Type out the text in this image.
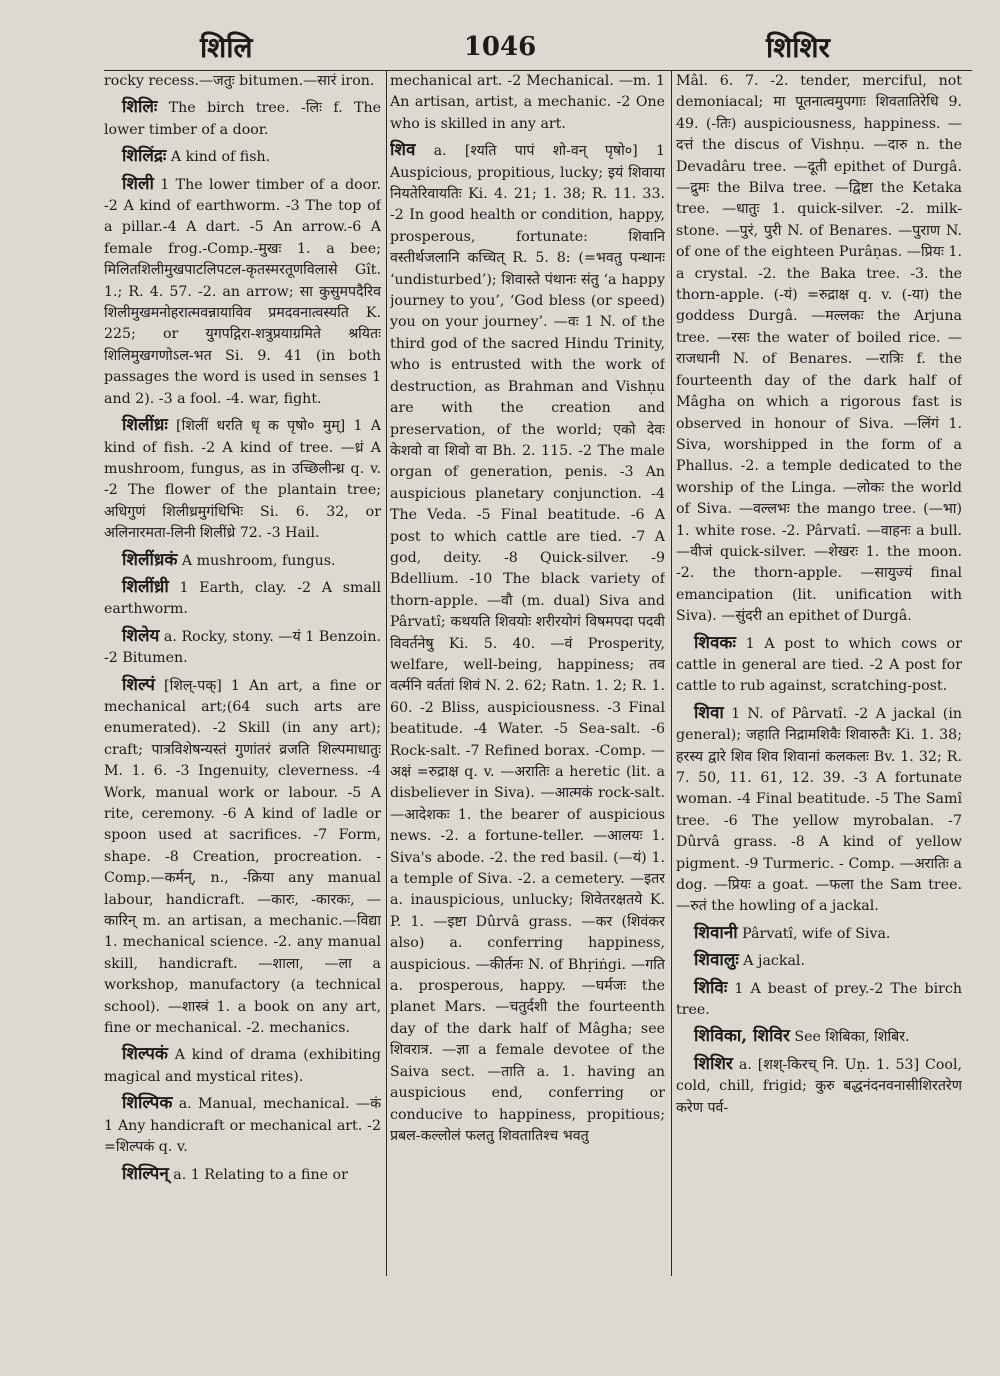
शिलि	1046	शिशिर

rocky recess.—जतुः bitumen.—सारं iron.

शिलिः The birch tree. -लिः f. The lower timber of a door.

शिलिंद्रः A kind of fish.

शिली 1 The lower timber of a door. -2 A kind of earthworm. -3 The top of a pillar.-4 A dart. -5 An arrow.-6 A female frog.-Comp.-मुखः 1. a bee; मिलितशिलीमुखपाटलिपटल-कृतस्मरतूणविलासे Gît. 1.; R. 4. 57. -2. an arrow; सा कुसुमपदैरिव शिलीमुखमनोहरात्मवन्नायाविव प्रमदवनात्वस्यति K. 225; or युगपद्गिरा-शत्रुप्रयाग्रमिते श्रयितः शिलिमुखगणोऽल-भत Si. 9. 41 (in both passages the word is used in senses 1 and 2). -3 a fool. -4. war, fight.

शिलींध्रः [शिलीं धरति धृ क पृषो० मुम्] 1 A kind of fish. -2 A kind of tree. —ध्रं A mushroom, fungus, as in उच्छिलीन्ध्र q. v. -2 The flower of the plantain tree; अधिगुणं शिलीध्रमुगंधिभिः Si. 6. 32, or अलिनारमता-लिनी शिलींध्रे 72. -3 Hail.

शिलींध्रकं A mushroom, fungus.

शिलींध्री 1 Earth, clay. -2 A small earthworm.

शिलेय a. Rocky, stony. —यं 1 Benzoin. -2 Bitumen.

शिल्पं [शिल्-पक्] 1 An art, a fine or mechanical art;(64 such arts are enumerated). -2 Skill (in any art); craft; पात्रविशेषन्यस्तं गुणांतरं व्रजति शिल्पमाधातुः M. 1. 6. -3 Ingenuity, cleverness. -4 Work, manual work or labour. -5 A rite, ceremony. -6 A kind of ladle or spoon used at sacrifices. -7 Form, shape. -8 Creation, procreation. -Comp.—कर्मन्, n., -क्रिया any manual labour, handicraft. —कारः, -कारकः, —कारिन् m. an artisan, a mechanic.—विद्या 1. mechanical science. -2. any manual skill, handicraft. —शाला, —ला a workshop, manufactory (a technical school). —शास्त्रं 1. a book on any art, fine or mechanical. -2. mechanics.

शिल्पकं A kind of drama (exhibiting magical and mystical rites).

शिल्पिक a. Manual, mechanical. —कं 1 Any handicraft or mechanical art. -2 =शिल्पकं q. v.

शिल्पिन् a. 1 Relating to a fine or

mechanical art. -2 Mechanical. —m. 1 An artisan, artist, a mechanic. -2 One who is skilled in any art.

शिव a. [श्यति पापं शो-वन् पृषो०] 1 Auspicious, propitious, lucky; इयं शिवाया नियतेरिवायतिः Ki. 4. 21; 1. 38; R. 11. 33. -2 In good health or condition, happy, prosperous, fortunate: शिवानि वस्तीर्थजलानि कच्चित् R. 5. 8: (=भवतु पन्थानः ‘undisturbed’); शिवास्ते पंथानः संतु ‘a happy journey to you’, ‘God bless (or speed) you on your journey’. —वः 1 N. of the third god of the sacred Hindu Trinity, who is entrusted with the work of destruction, as Brahman and Vishṇu are with the creation and preservation, of the world; एको देवः केशवो वा शिवो वा Bh. 2. 115. -2 The male organ of generation, penis. -3 An auspicious planetary conjunction. -4 The Veda. -5 Final beatitude. -6 A post to which cattle are tied. -7 A god, deity. -8 Quick-silver. -9 Bdellium. -10 The black variety of thorn-apple. —वौ (m. dual) Siva and Pârvatî; कथयति शिवयोः शरीरयोगं विषमपदा पदवी विवर्तनेषु Ki. 5. 40. —वं Prosperity, welfare, well-being, happiness; तव वर्त्मनि वर्ततां शिवं N. 2. 62; Ratn. 1. 2; R. 1. 60. -2 Bliss, auspiciousness. -3 Final beatitude. -4 Water. -5 Sea-salt. -6 Rock-salt. -7 Refined borax. -Comp. —अक्षं =रुद्राक्ष q. v. —अरातिः a heretic (lit. a disbeliever in Siva). —आत्मकं rock-salt. —आदेशकः 1. the bearer of auspicious news. -2. a fortune-teller. —आलयः 1. Siva's abode. -2. the red basil. (—यं) 1. a temple of Siva. -2. a cemetery. —इतर a. inauspicious, unlucky; शिवेतरक्षतये K. P. 1. —इष्टा Dûrvâ grass. —कर (शिवंकर also) a. conferring happiness, auspicious. —कीर्तनः N. of Bhṛiṅgi. —गति a. prosperous, happy. —घर्मजः the planet Mars. —चतुर्दशी the fourteenth day of the dark half of Mâgha; see शिवरात्र. —ज्ञा a female devotee of the Saiva sect. —ताति a. 1. having an auspicious end, conferring or conducive to happiness, propitious; प्रबल-कल्लोलं फलतु शिवतातिश्च भवतु

Mâl. 6. 7. -2. tender, merciful, not demoniacal; मा पूतनात्वमुपगाः शिवतातिरेधि 9. 49. (-तिः) auspiciousness, happiness. —दत्तं the discus of Vishṇu. —दारु n. the Devadâru tree. —दूती epithet of Durgâ. —द्रुमः the Bilva tree. —द्विष्टा the Ketaka tree. —धातुः 1. quick-silver. -2. milk-stone. —पुरं, पुरी N. of Benares. —पुराण N. of one of the eighteen Purâṇas. —प्रियः 1. a crystal. -2. the Baka tree. -3. the thorn-apple. (-यं) =रुद्राक्ष q. v. (-या) the goddess Durgâ. —मल्लकः the Arjuna tree. —रसः the water of boiled rice. —राजधानी N. of Benares. —रात्रिः f. the fourteenth day of the dark half of Mâgha on which a rigorous fast is observed in honour of Siva. —लिंगं 1. Siva, worshipped in the form of a Phallus. -2. a temple dedicated to the worship of the Linga. —लोकः the world of Siva. —वल्लभः the mango tree. (—भा) 1. white rose. -2. Pârvatî. —वाहनः a bull. —वीजं quick-silver. —शेखरः 1. the moon. -2. the thorn-apple. —सायुज्यं final emancipation (lit. unification with Siva). —सुंदरी an epithet of Durgâ.

शिवकः 1 A post to which cows or cattle in general are tied. -2 A post for cattle to rub against, scratching-post.

शिवा 1 N. of Pârvatî. -2 A jackal (in general); जहाति निद्रामशिवैः शिवारुतैः Ki. 1. 38; हरस्य द्वारे शिव शिव शिवानां कलकलः Bv. 1. 32; R. 7. 50, 11. 61, 12. 39. -3 A fortunate woman. -4 Final beatitude. -5 The Samî tree. -6 The yellow myrobalan. -7 Dûrvâ grass. -8 A kind of yellow pigment. -9 Turmeric. - Comp. —अरातिः a dog. —प्रियः a goat. —फला the Sam tree. —रुतं the howling of a jackal.

शिवानी Pârvatî, wife of Siva.

शिवालुः A jackal.

शिविः 1 A beast of prey.-2 The birch tree.

शिविका, शिविर See शिबिका, शिबिर.

शिशिर a. [शश्-किरच् नि. Uṇ. 1. 53] Cool, cold, chill, frigid; कुरु बद्धनंदनवनासीशिरतरेण करेण पर्व-
